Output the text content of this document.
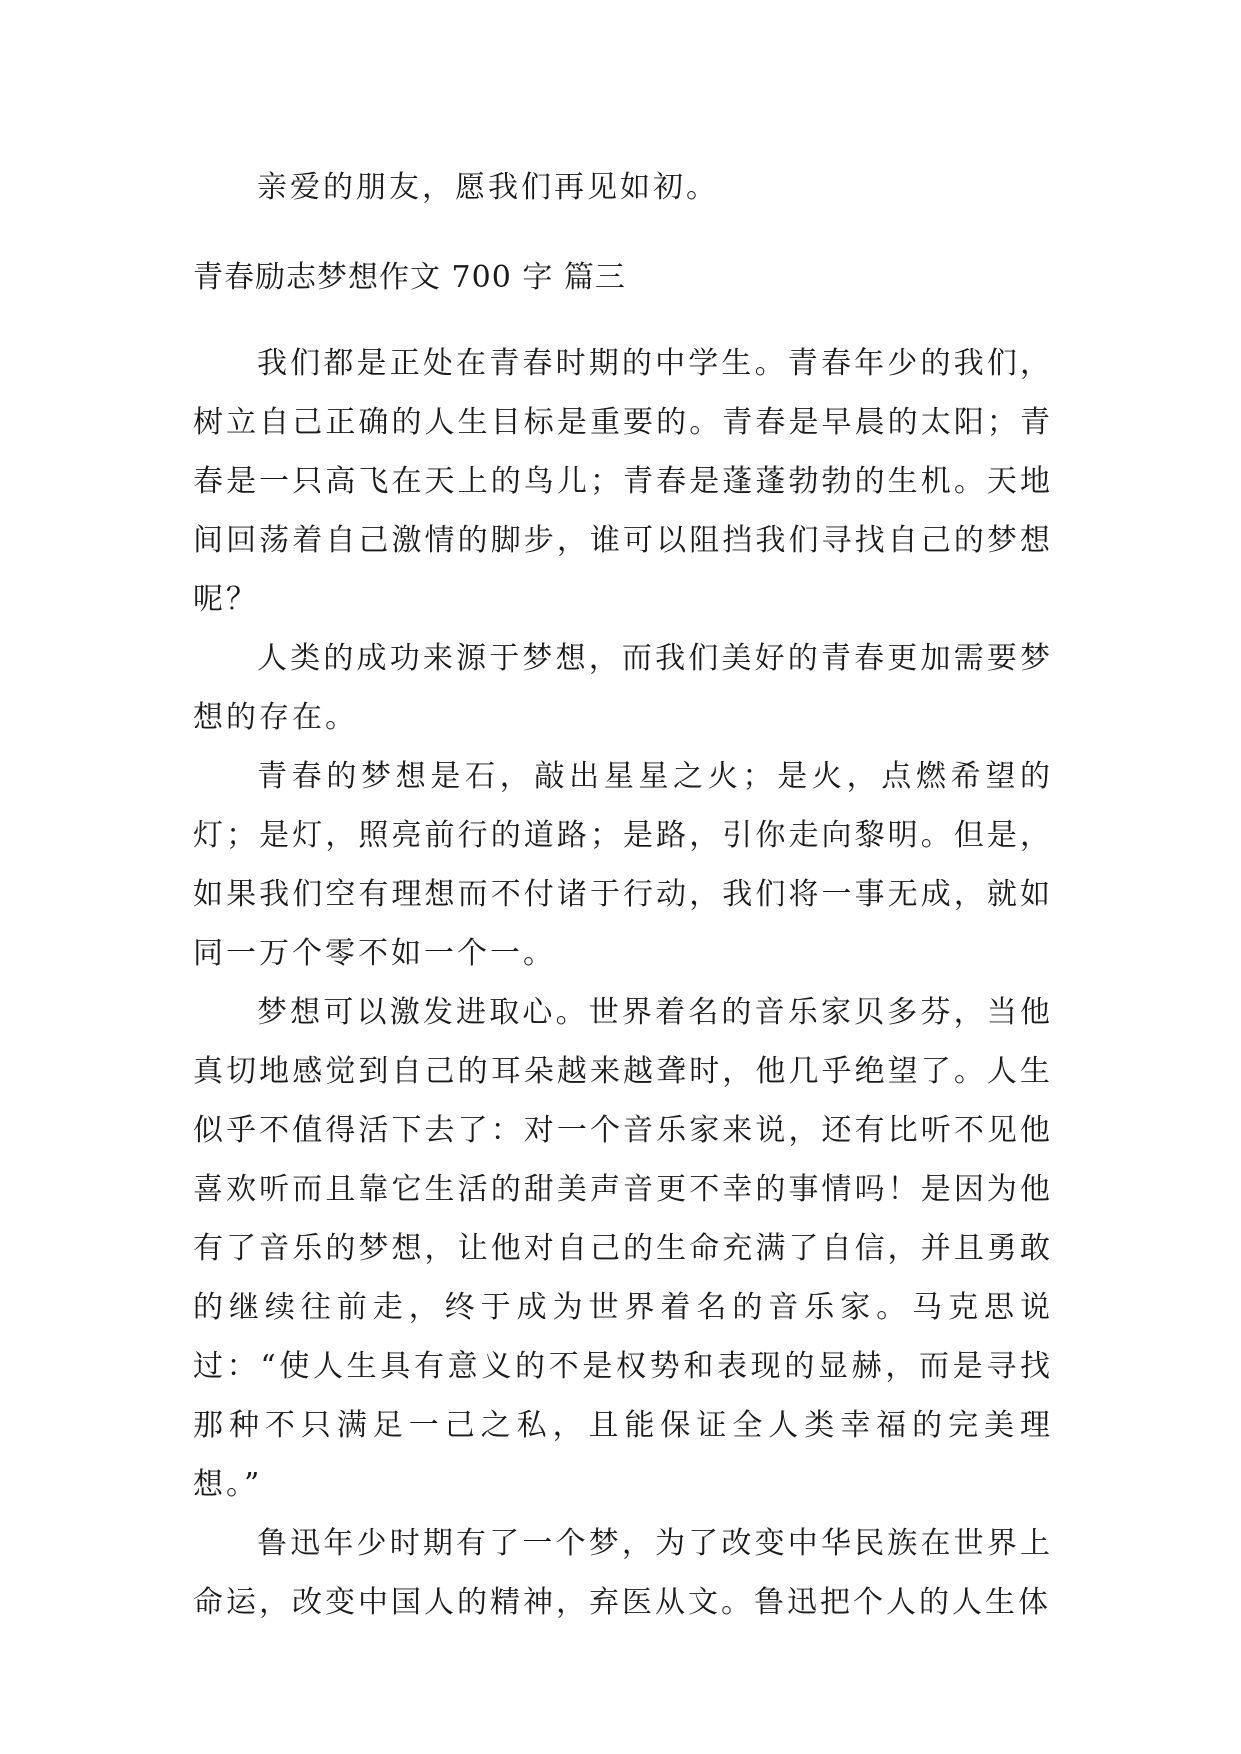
亲爱的朋友，愿我们再见如初。
青春励志梦想作文 700 字 篇三

我们都是正处在青春时期的中学生。青春年少的我们，树立自己正确的人生目标是重要的。青春是早晨的太阳；青春是一只高飞在天上的鸟儿；青春是蓬蓬勃勃的生机。天地间回荡着自己激情的脚步，谁可以阻挡我们寻找自己的梦想呢？

人类的成功来源于梦想，而我们美好的青春更加需要梦想的存在。

青春的梦想是石，敲出星星之火；是火，点燃希望的灯；是灯，照亮前行的道路；是路，引你走向黎明。但是，如果我们空有理想而不付诸于行动，我们将一事无成，就如同一万个零不如一个一。

梦想可以激发进取心。世界着名的音乐家贝多芬，当他真切地感觉到自己的耳朵越来越聋时，他几乎绝望了。人生似乎不值得活下去了：对一个音乐家来说，还有比听不见他喜欢听而且靠它生活的甜美声音更不幸的事情吗！是因为他有了音乐的梦想，让他对自己的生命充满了自信，并且勇敢的继续往前走，终于成为世界着名的音乐家。马克思说过：“使人生具有意义的不是权势和表现的显赫，而是寻找那种不只满足一己之私，且能保证全人类幸福的完美理想。”

鲁迅年少时期有了一个梦，为了改变中华民族在世界上命运，改变中国人的精神，弃医从文。鲁迅把个人的人生体
